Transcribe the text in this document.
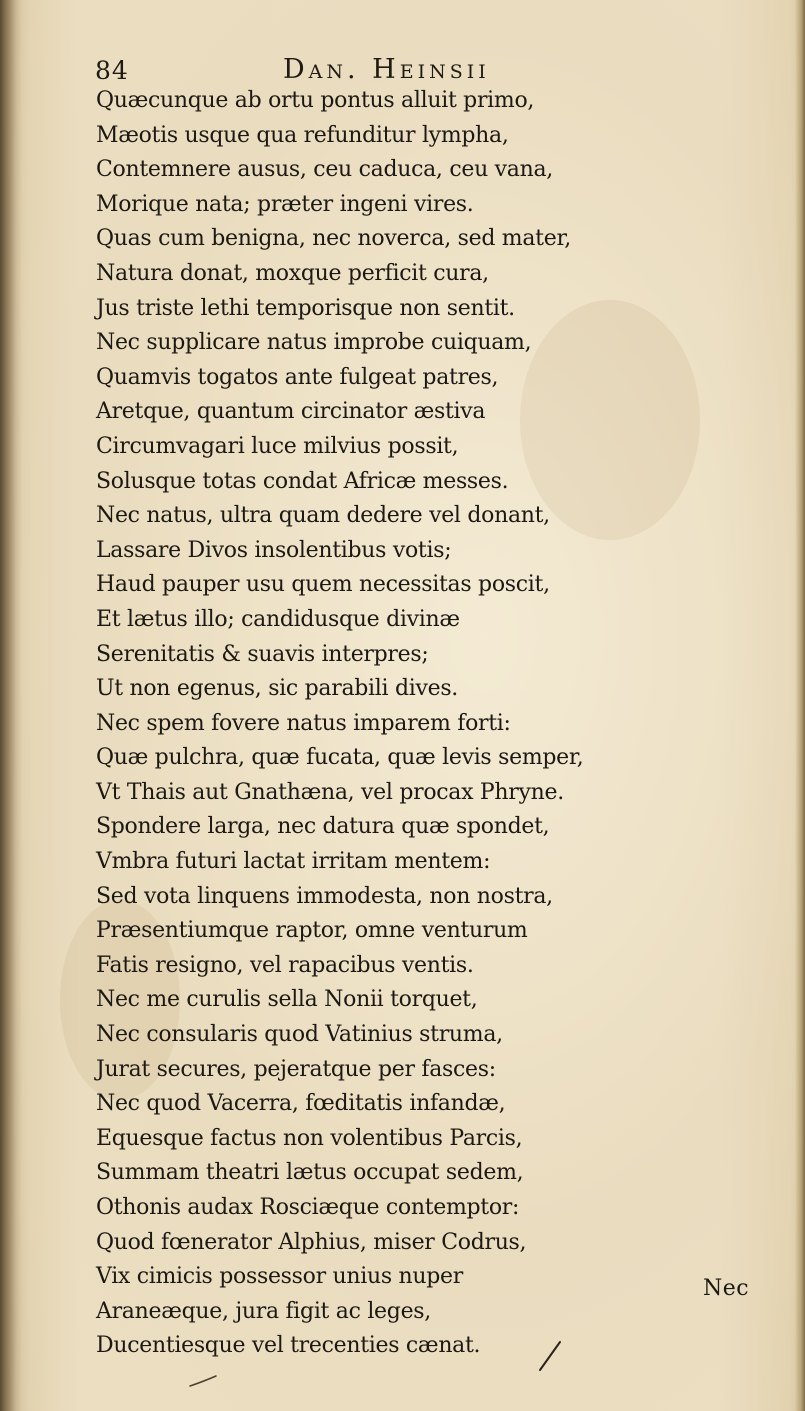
84	Dan. Heinsii
Quæcunque ab ortu pontus alluit primo,
Mæotis usque qua refunditur lympha,
Contemnere ausus, ceu caduca, ceu vana,
Morique nata; præter ingeni vires.
Quas cum benigna, nec noverca, sed mater,
Natura donat, moxque perficit cura,
Jus triste lethi temporisque non sentit.
Nec supplicare natus improbe cuiquam,
Quamvis togatos ante fulgeat patres,
Aretque, quantum circinator æstiva
Circumvagari luce milvius possit,
Solusque totas condat Africæ messes.
Nec natus, ultra quam dedere vel donant,
Lassare Divos insolentibus votis;
Haud pauper usu quem necessitas poscit,
Et lætus illo; candidusque divinæ
Serenitatis & suavis interpres;
Ut non egenus, sic parabili dives.
Nec spem fovere natus imparem forti:
Quæ pulchra, quæ fucata, quæ levis semper,
Vt Thais aut Gnathæna, vel procax Phryne.
Spondere larga, nec datura quæ spondet,
Vmbra futuri lactat irritam mentem:
Sed vota linquens immodesta, non nostra,
Præsentiumque raptor, omne venturum
Fatis resigno, vel rapacibus ventis.
Nec me curulis sella Nonii torquet,
Nec consularis quod Vatinius struma,
Jurat secures, pejeratque per fasces:
Nec quod Vacerra, fœditatis infandæ,
Equesque factus non volentibus Parcis,
Summam theatri lætus occupat sedem,
Othonis audax Rosciæque contemptor:
Quod fœnerator Alphius, miser Codrus,
Vix cimicis possessor unius nuper
Araneæque, jura figit ac leges,
Ducentiesque vel trecenties cænat.
Nec
